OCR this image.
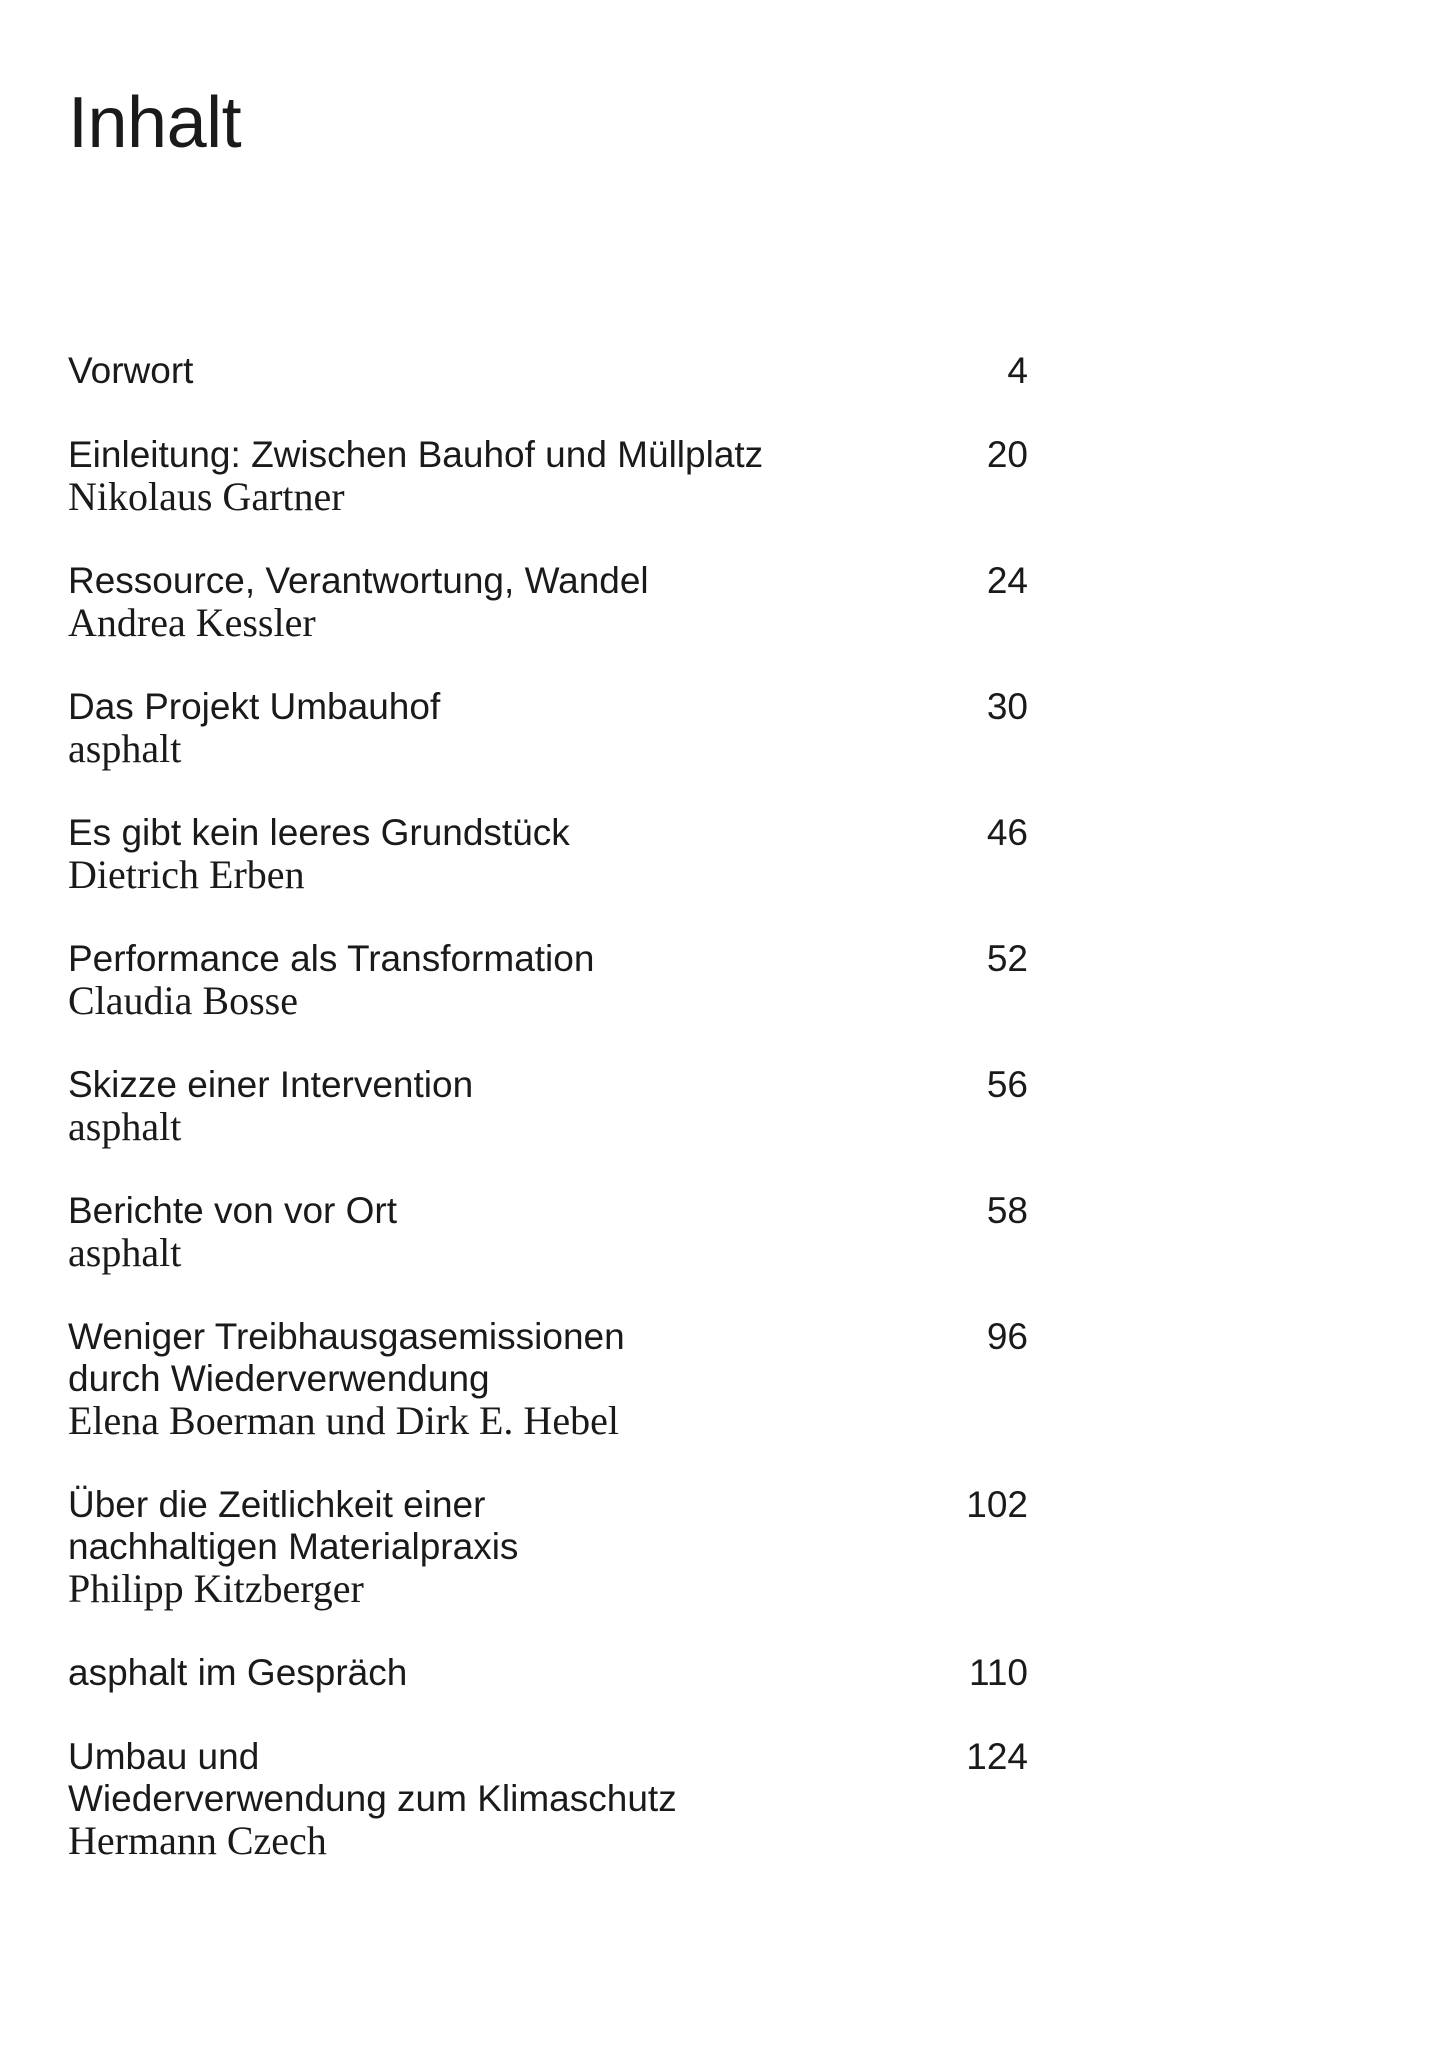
Inhalt
Vorwort	4
Einleitung: Zwischen Bauhof und Müllplatz
Nikolaus Gartner
20
Ressource, Verantwortung, Wandel
Andrea Kessler
24
Das Projekt Umbauhof
asphalt
30
Es gibt kein leeres Grundstück
Dietrich Erben
46
Performance als Transformation
Claudia Bosse
52
Skizze einer Intervention
asphalt
56
Berichte von vor Ort
asphalt
58
Weniger Treibhausgasemissionen
durch Wiederverwendung
Elena Boerman und Dirk E. Hebel
96
Über die Zeitlichkeit einer
nachhaltigen Materialpraxis
Philipp Kitzberger
102
asphalt im Gespräch	110
Umbau und
Wiederverwendung zum Klimaschutz
Hermann Czech
124
